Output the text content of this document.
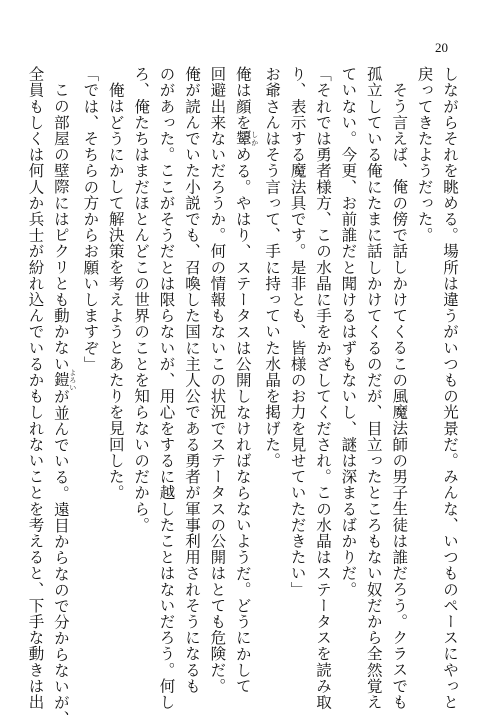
20

しながらそれを眺める。場所は違うがいつもの光景だ。みんな、いつものペースにやっと

戻ってきたようだった。

そう言えば、俺の傍で話しかけてくるこの風魔法師の男子生徒は誰だろう。クラスでも

孤立している俺にたまに話しかけてくるのだが、目立ったところもない奴だから全然覚え

ていない。今更、お前誰だと聞けるはずもないし、謎は深まるばかりだ。

「それでは勇者様方、この水晶に手をかざしてくだされ。この水晶はステータスを読み取

り、表示する魔法具です。是非とも、皆様のお力を見せていただきたい」

お爺さんはそう言って、手に持っていた水晶を掲げた。

俺は顔を顰 しかめる。やはり、ステータスは公開しなければならないようだ。どうにかして

回避出来ないだろうか。何の情報もないこの状況でステータスの公開はとても危険だ。

俺が読んでいた小説でも、召喚した国に主人公である勇者が軍事利用されそうになるも

のがあった。ここがそうだとは限らないが、用心をするに越したことはないだろう。何し

ろ、俺たちはまだほとんどこの世界のことを知らないのだから。

俺はどうにかして解決策を考えようとあたりを見回した。

「では、そちらの方からお願いしますぞ」

この部屋の壁際にはピクリとも動かない鎧 よろいが並んでいる。遠目からなので分からないが、

全員もしくは何人か兵士が紛れ込んでいるかもしれないことを考えると、下手な動きは出
